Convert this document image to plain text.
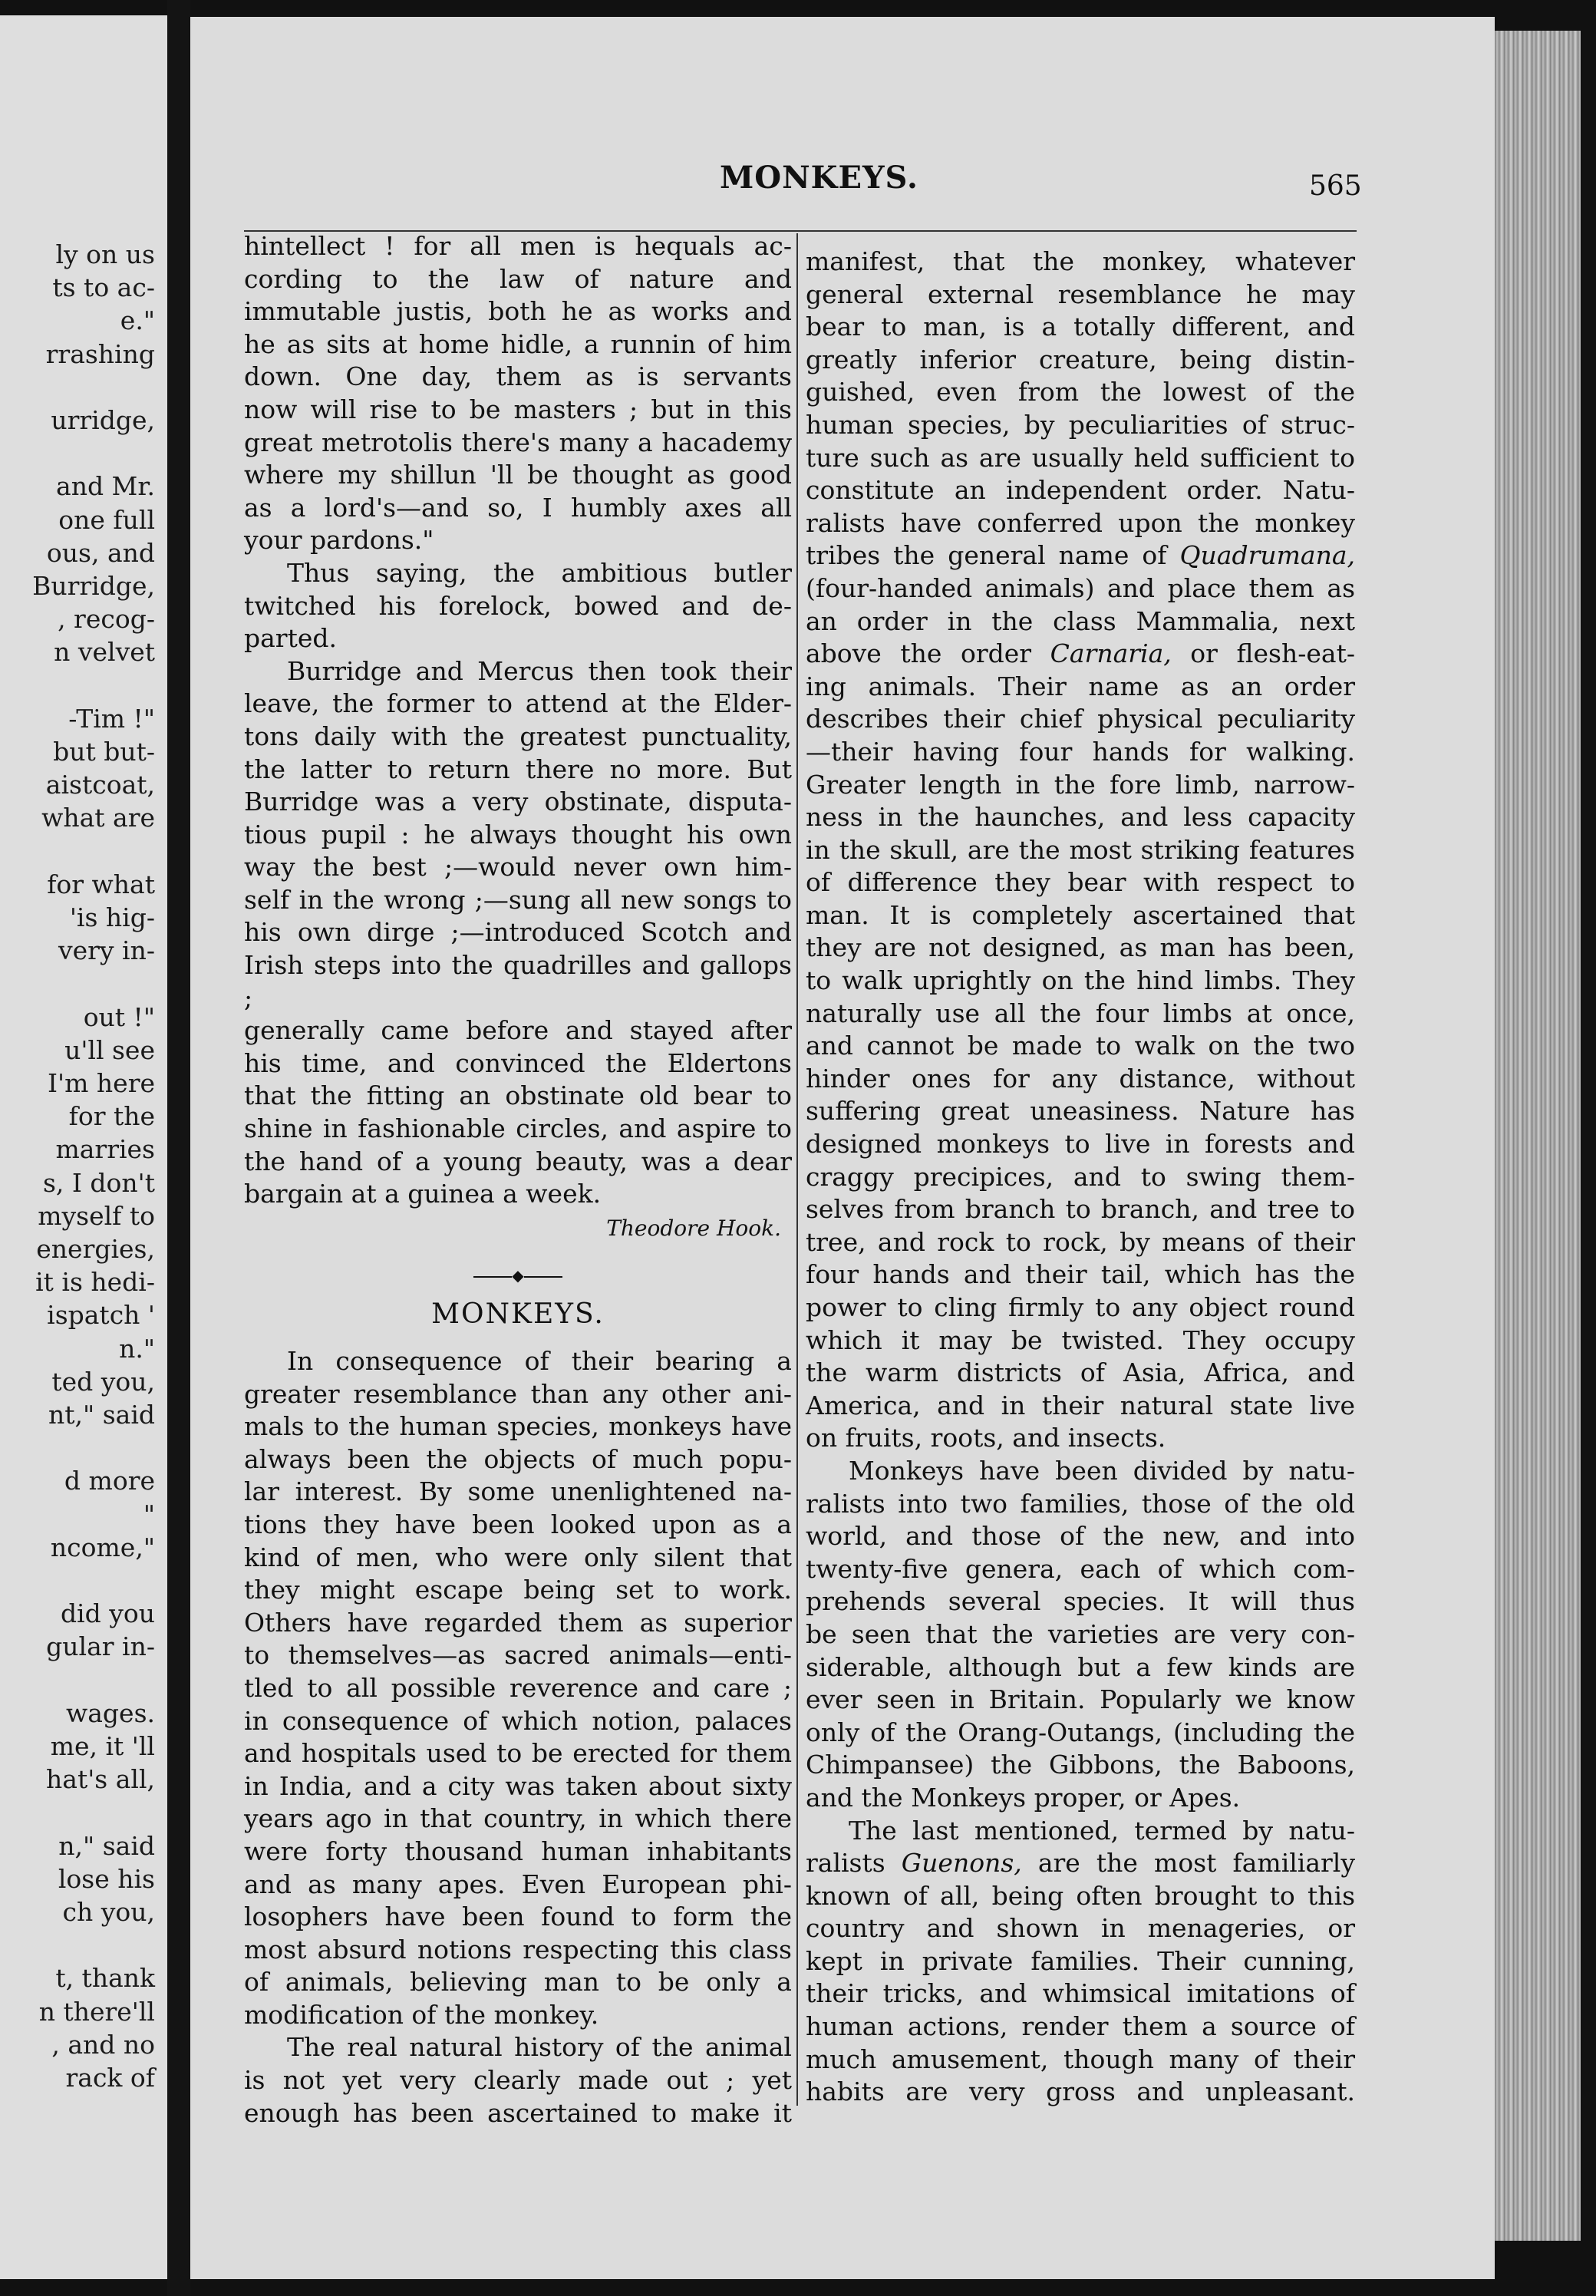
ly on us
ts to ac-
e."
rrashing
urridge,
and Mr.
one full
ous, and
Burridge,
, recog-
n velvet
-Tim !"
but but-
aistcoat,
what are
for what
'is hig-
very in-
out !"
u'll see
I'm here
for the
marries
s, I don't
myself to
energies,
it is hedi-
ispatch '
n."
ted you,
nt," said
d more
"
ncome,"
did you
gular in-
wages.
me, it 'll
hat's all,
n," said
lose his
ch you,
t, thank
n there'll
, and no
rack of
MONKEYS.	565

hintellect ! for all men is hequals ac-

cording to the law of nature and

immutable justis, both he as works and

he as sits at home hidle, a runnin of him

down. One day, them as is servants

now will rise to be masters ; but in this

great metrotolis there's many a hacademy

where my shillun 'll be thought as good

as a lord's—and so, I humbly axes all

your pardons."

Thus saying, the ambitious butler

twitched his forelock, bowed and de-

parted.

Burridge and Mercus then took their

leave, the former to attend at the Elder-

tons daily with the greatest punctuality,

the latter to return there no more. But

Burridge was a very obstinate, disputa-

tious pupil : he always thought his own

way the best ;—would never own him-

self in the wrong ;—sung all new songs to

his own dirge ;—introduced Scotch and

Irish steps into the quadrilles and gallops ;

generally came before and stayed after

his time, and convinced the Eldertons

that the fitting an obstinate old bear to

shine in fashionable circles, and aspire to

the hand of a young beauty, was a dear

bargain at a guinea a week.

Theodore Hook.
◆
MONKEYS.

In consequence of their bearing a

greater resemblance than any other ani-

mals to the human species, monkeys have

always been the objects of much popu-

lar interest. By some unenlightened na-

tions they have been looked upon as a

kind of men, who were only silent that

they might escape being set to work.

Others have regarded them as superior

to themselves—as sacred animals—enti-

tled to all possible reverence and care ;

in consequence of which notion, palaces

and hospitals used to be erected for them

in India, and a city was taken about sixty

years ago in that country, in which there

were forty thousand human inhabitants

and as many apes. Even European phi-

losophers have been found to form the

most absurd notions respecting this class

of animals, believing man to be only a

modification of the monkey.

The real natural history of the animal

is not yet very clearly made out ; yet

enough has been ascertained to make it

manifest, that the monkey, whatever

general external resemblance he may

bear to man, is a totally different, and

greatly inferior creature, being distin-

guished, even from the lowest of the

human species, by peculiarities of struc-

ture such as are usually held sufficient to

constitute an independent order. Natu-

ralists have conferred upon the monkey

tribes the general name of Quadrumana,

(four-handed animals) and place them as

an order in the class Mammalia, next

above the order Carnaria, or flesh-eat-

ing animals. Their name as an order

describes their chief physical peculiarity

—their having four hands for walking.

Greater length in the fore limb, narrow-

ness in the haunches, and less capacity

in the skull, are the most striking features

of difference they bear with respect to

man. It is completely ascertained that

they are not designed, as man has been,

to walk uprightly on the hind limbs. They

naturally use all the four limbs at once,

and cannot be made to walk on the two

hinder ones for any distance, without

suffering great uneasiness. Nature has

designed monkeys to live in forests and

craggy precipices, and to swing them-

selves from branch to branch, and tree to

tree, and rock to rock, by means of their

four hands and their tail, which has the

power to cling firmly to any object round

which it may be twisted. They occupy

the warm districts of Asia, Africa, and

America, and in their natural state live

on fruits, roots, and insects.

Monkeys have been divided by natu-

ralists into two families, those of the old

world, and those of the new, and into

twenty-five genera, each of which com-

prehends several species. It will thus

be seen that the varieties are very con-

siderable, although but a few kinds are

ever seen in Britain. Popularly we know

only of the Orang-Outangs, (including the

Chimpansee) the Gibbons, the Baboons,

and the Monkeys proper, or Apes.

The last mentioned, termed by natu-

ralists Guenons, are the most familiarly

known of all, being often brought to this

country and shown in menageries, or

kept in private families. Their cunning,

their tricks, and whimsical imitations of

human actions, render them a source of

much amusement, though many of their

habits are very gross and unpleasant.
